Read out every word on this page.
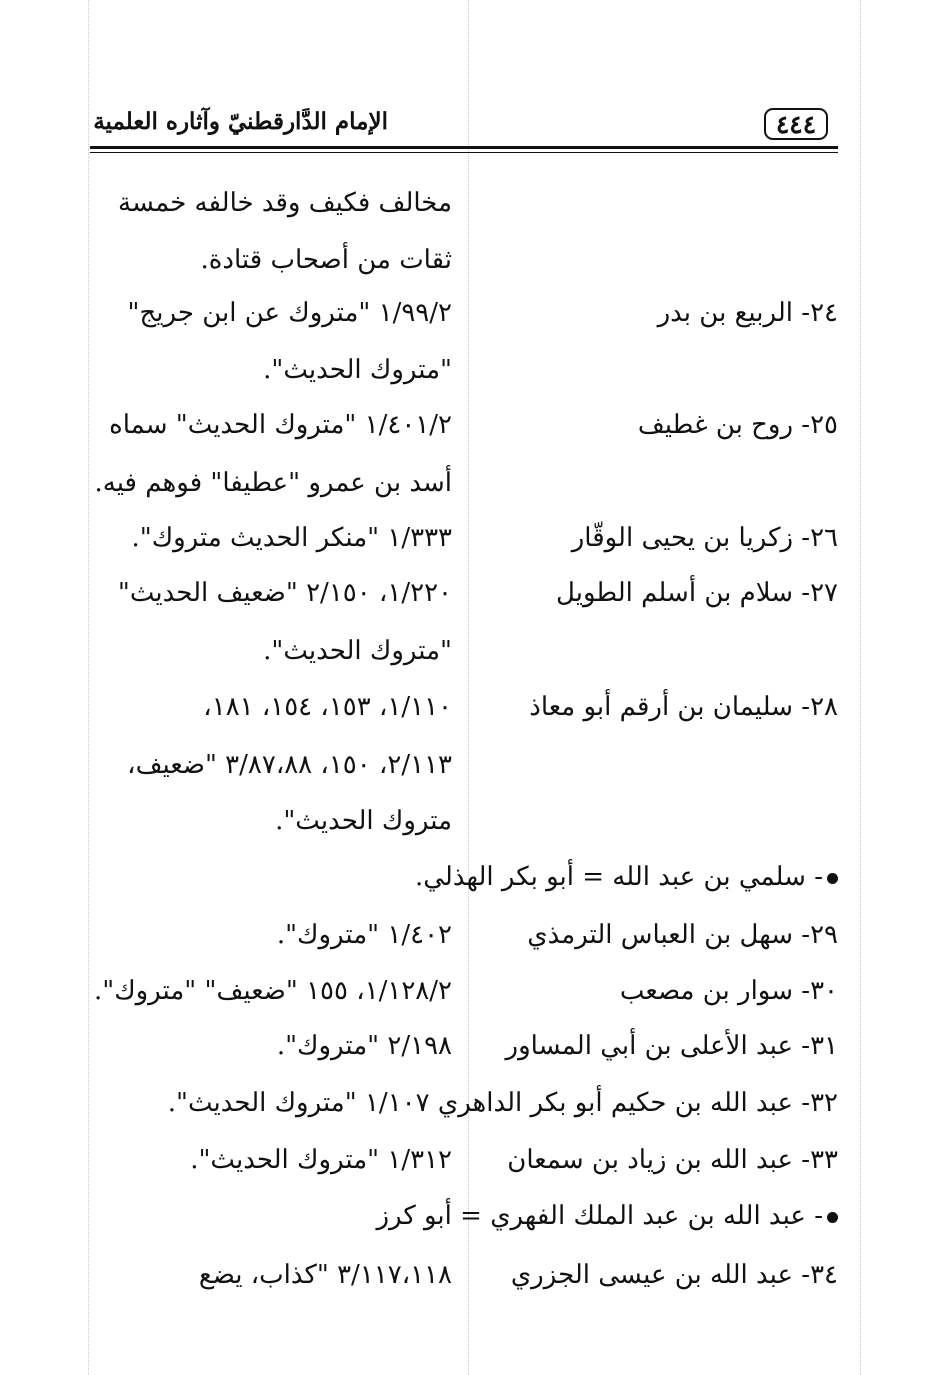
٤٤٤
الإمام الدَّارقطنيّ وآثاره العلمية
مخالف فكيف وقد خالفه خمسة
ثقات من أصحاب قتادة.
٢٤- الربيع بن بدر
١/٩٩/٢ "متروك عن ابن جريج"
"متروك الحديث".
٢٥- روح بن غطيف
١/٤٠١/٢ "متروك الحديث" سماه
أسد بن عمرو "عطيفا" فوهم فيه.
٢٦- زكريا بن يحيى الوقّار
١/٣٣٣ "منكر الحديث متروك".
٢٧- سلام بن أسلم الطويل
١/٢٢٠، ٢/١٥٠ "ضعيف الحديث"
"متروك الحديث".
٢٨- سليمان بن أرقم أبو معاذ
١/١١٠، ١٥٣، ١٥٤، ١٨١،
٢/١١٣، ١٥٠، ٣/٨٧،٨٨ "ضعيف،
متروك الحديث".
- سلمي بن عبد الله = أبو بكر الهذلي.
٢٩- سهل بن العباس الترمذي
١/٤٠٢ "متروك".
٣٠- سوار بن مصعب
١/١٢٨/٢، ١٥٥ "ضعيف" "متروك".
٣١- عبد الأعلى بن أبي المساور
٢/١٩٨ "متروك".
٣٢- عبد الله بن حكيم أبو بكر الداهري ١/١٠٧ "متروك الحديث".
٣٣- عبد الله بن زياد بن سمعان
١/٣١٢ "متروك الحديث".
- عبد الله بن عبد الملك الفهري = أبو كرز
٣٤- عبد الله بن عيسى الجزري
٣/١١٧،١١٨ "كذاب، يضع
